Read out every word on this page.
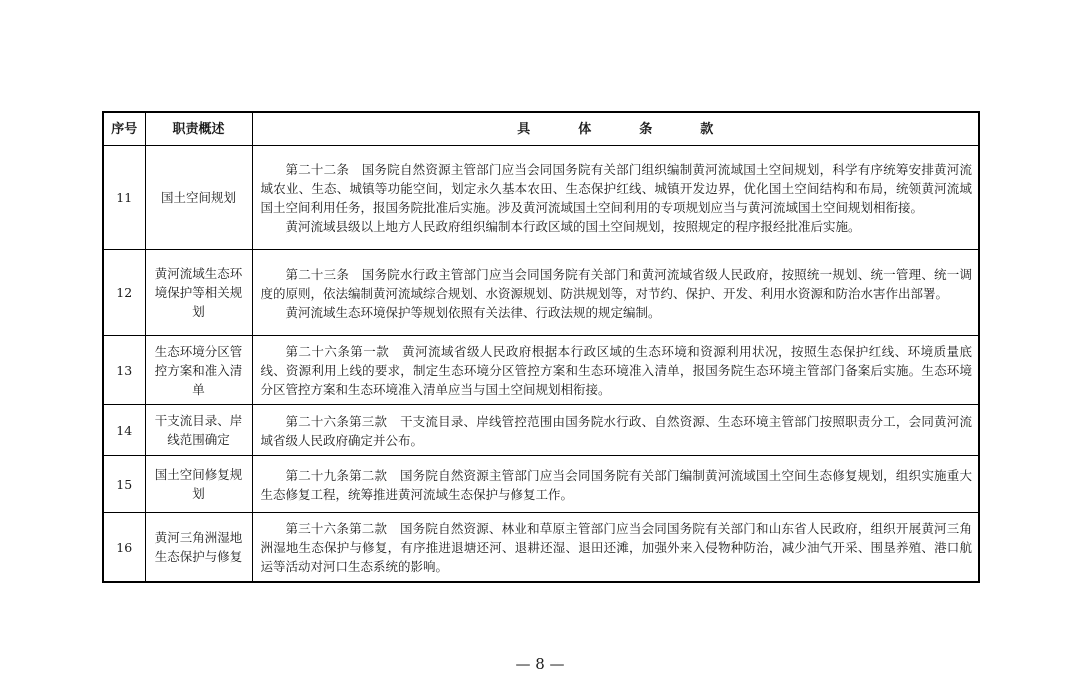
序号	职责概述	具体条款
11	国土空间规划	第二十二条　国务院自然资源主管部门应当会同国务院有关部门组织编制黄河流域国土空间规划，科学有序统筹安排黄河流域农业、生态、城镇等功能空间，划定永久基本农田、生态保护红线、城镇开发边界，优化国土空间结构和布局，统领黄河流域国土空间利用任务，报国务院批准后实施。涉及黄河流域国土空间利用的专项规划应当与黄河流域国土空间规划相衔接。

黄河流域县级以上地方人民政府组织编制本行政区域的国土空间规划，按照规定的程序报经批准后实施。

12	黄河流域生态环境保护等相关规划	第二十三条　国务院水行政主管部门应当会同国务院有关部门和黄河流域省级人民政府，按照统一规划、统一管理、统一调度的原则，依法编制黄河流域综合规划、水资源规划、防洪规划等，对节约、保护、开发、利用水资源和防治水害作出部署。

黄河流域生态环境保护等规划依照有关法律、行政法规的规定编制。

13	生态环境分区管控方案和准入清单	第二十六条第一款　黄河流域省级人民政府根据本行政区域的生态环境和资源利用状况，按照生态保护红线、环境质量底线、资源利用上线的要求，制定生态环境分区管控方案和生态环境准入清单，报国务院生态环境主管部门备案后实施。生态环境分区管控方案和生态环境准入清单应当与国土空间规划相衔接。

14	干支流目录、岸线范围确定	第二十六条第三款　干支流目录、岸线管控范围由国务院水行政、自然资源、生态环境主管部门按照职责分工，会同黄河流域省级人民政府确定并公布。

15	国土空间修复规划	第二十九条第二款　国务院自然资源主管部门应当会同国务院有关部门编制黄河流域国土空间生态修复规划，组织实施重大生态修复工程，统筹推进黄河流域生态保护与修复工作。

16	黄河三角洲湿地生态保护与修复	第三十六条第二款　国务院自然资源、林业和草原主管部门应当会同国务院有关部门和山东省人民政府，组织开展黄河三角洲湿地生态保护与修复，有序推进退塘还河、退耕还湿、退田还滩，加强外来入侵物种防治，减少油气开采、围垦养殖、港口航运等活动对河口生态系统的影响。

— 8 —
